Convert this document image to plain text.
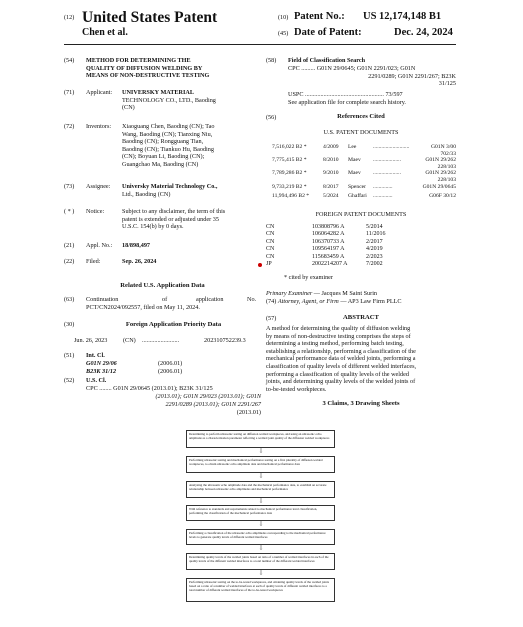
(12) United States Patent
Chen et al.
(10) Patent No.: US 12,174,148 B1
(45) Date of Patent:	Dec. 24, 2024
(54) METHOD FOR DETERMINING THE
QUALITY OF DIFFUSION WELDING BY
MEANS OF NON-DESTRUCTIVE TESTING
(71) Applicant: UNIVERSKY MATERIAL
TECHNOLOGY CO., LTD., Baoding
(CN)
(72) Inventors: Xiaoguang Chen, Baoding (CN); Tao
Wang, Baoding (CN); Tianxing Niu,
Baoding (CN); Rongguang Tian,
Baoding (CN); Tiankuo Hu, Baoding
(CN); Boyuan Li, Baoding (CN);
Guangchao Ma, Baoding (CN)
(73) Assignee: Universky Material Technology Co.,
Ltd., Baoding (CN)
( * ) Notice:	Subject to any disclaimer, the term of this
patent is extended or adjusted under 35
U.S.C. 154(b) by 0 days.
(21) Appl. No.: 18/898,497
(22) Filed:	Sep. 26, 2024
Related U.S. Application Data
(63) Continuation	of	application	No.
PCT/CN2024/092557, filed on May 11, 2024.
(30)	Foreign Application Priority Data
Jun. 26, 2023	(CN) ........................	202310752239.3
(51) Int. Cl.
G01N 29/06	(2006.01)
B23K 31/12	(2006.01)
(52) U.S. Cl.
CPC ........ G01N 29/0645 (2013.01); B23K 31/125
(2013.01); G01N 29/023 (2013.01); G01N
2291/0289 (2013.01); G01N 2291/267
(2013.01)
(58) Field of Classification Search
CPC ......... G01N 29/0645; G01N 2291/023; G01N
2291/0289; G01N 2291/267; B23K
31/125
USPC ................................................... 73/597
See application file for complete search history.
(56)	References Cited
U.S. PATENT DOCUMENTS
7,516,022 B2 *	4/2009 Lee	..........................	G01N 3/00
702/33
7,775,415 B2 *	8/2010 Maev ....................	G01N 29/262
228/103
7,789,286 B2 *	9/2010 Maev ....................	G01N 29/262
228/103
9,733,219 B2 *	8/2017 Spencer ..............	G01N 29/0645
11,994,496 B2 * 5/2024 Ghaffari ..............	G06F 30/12
FOREIGN PATENT DOCUMENTS
CN	103808796 A	5/2014
CN	106064282 A	11/2016
CN	106370733 A	2/2017
CN	109564197 A	4/2019
CN	115683459 A	2/2023
JP	2002214207 A	7/2002
* cited by examiner
Primary Examiner — Jacques M Saint Surin
(74) Attorney, Agent, or Firm — AP3 Law Firm PLLC
(57)	ABSTRACT
A method for determining the quality of diffusion welding
by means of non-destructive testing comprises the steps of
determining a testing method, performing batch testing,
establishing a relationship, performing a classification of the
mechanical performance data of welded joints, performing a
classification of quality levels of different welded interfaces,
performing a classification of quality levels of the welded
joints, and determining quality levels of the welded joints of
to-be-tested workpieces.
3 Claims, 3 Drawing Sheets
Determining to perform ultrasonic testing on diffusion welded workpieces, and using an ultrasonic echo amplitude as a characterization parameter reflecting a welded joint quality of the diffusion welded workpieces
⇩
Performing ultrasonic testing and mechanical performance testing on a first plurality of diffusion welded workpieces, to obtain ultrasonic echo amplitude data and mechanical performance data
⇩
Analyzing the ultrasonic echo amplitude data and the mechanical performance data, to establish an accurate relationship between ultrasonic echo amplitudes and mechanical performance
⇩
With reference to standards and requirements related to mechanical performance level classification, performing the classification of the mechanical performance data
⇩
Performing a classification of the ultrasonic echo amplitudes corresponding to the mechanical performance levels to generate quality levels of different welded interfaces
⇩
Determining quality levels of the welded joints based on ratio of a number of welded interfaces in each of the quality levels of the different welded interfaces to a total number of the different welded interfaces
⇩
Performing ultrasonic testing on the to-be-tested workpieces, and obtaining quality levels of the welded joints based on a ratio of a number of welded interfaces at each of quality levels of different welded interfaces to a total number of different welded interfaces of the to-be-tested workpieces
